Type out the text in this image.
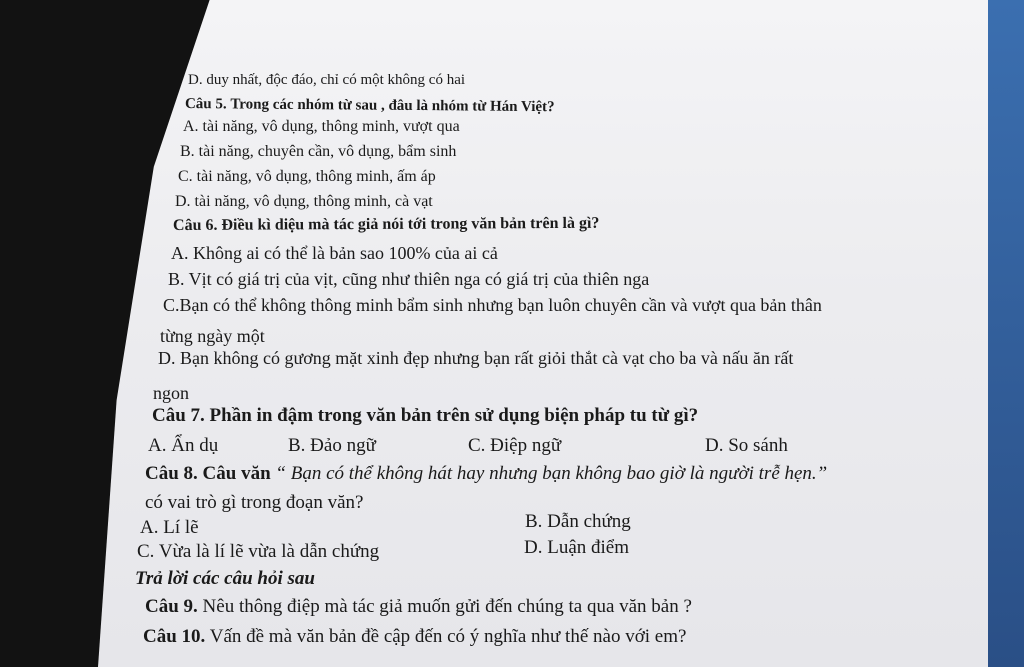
D. duy nhất, độc đáo, chỉ có một không có hai
Câu 5. Trong các nhóm từ sau , đâu là nhóm từ Hán Việt?
A. tài năng, vô dụng, thông minh, vượt qua
B. tài năng, chuyên cần, vô dụng, bẩm sinh
C. tài năng, vô dụng, thông minh, ấm áp
D. tài năng, vô dụng, thông minh, cà vạt
Câu 6. Điều kì diệu mà tác giả nói tới trong văn bản trên là gì?
A. Không ai có thể là bản sao 100% của ai cả
B. Vịt có giá trị của vịt, cũng như thiên nga có giá trị của thiên nga
C.Bạn có thể không thông minh bẩm sinh nhưng bạn luôn chuyên cần và vượt qua bản thân
từng ngày một
D. Bạn không có gương mặt xinh đẹp nhưng bạn rất giỏi thắt cà vạt cho ba và nấu ăn rất
ngon
Câu 7. Phần in đậm trong văn bản trên sử dụng biện pháp tu từ gì?
A. Ẩn dụ	B. Đảo ngữ	C. Điệp ngữ	D. So sánh
Câu 8. Câu văn “ Bạn có thể không hát hay nhưng bạn không bao giờ là người trễ hẹn.”
có vai trò gì trong đoạn văn?
A. Lí lẽ	B. Dẫn chứng
C. Vừa là lí lẽ vừa là dẫn chứng	D. Luận điểm
Trả lời các câu hỏi sau
Câu 9. Nêu thông điệp mà tác giả muốn gửi đến chúng ta qua văn bản ?
Câu 10. Vấn đề mà văn bản đề cập đến có ý nghĩa như thế nào với em?
